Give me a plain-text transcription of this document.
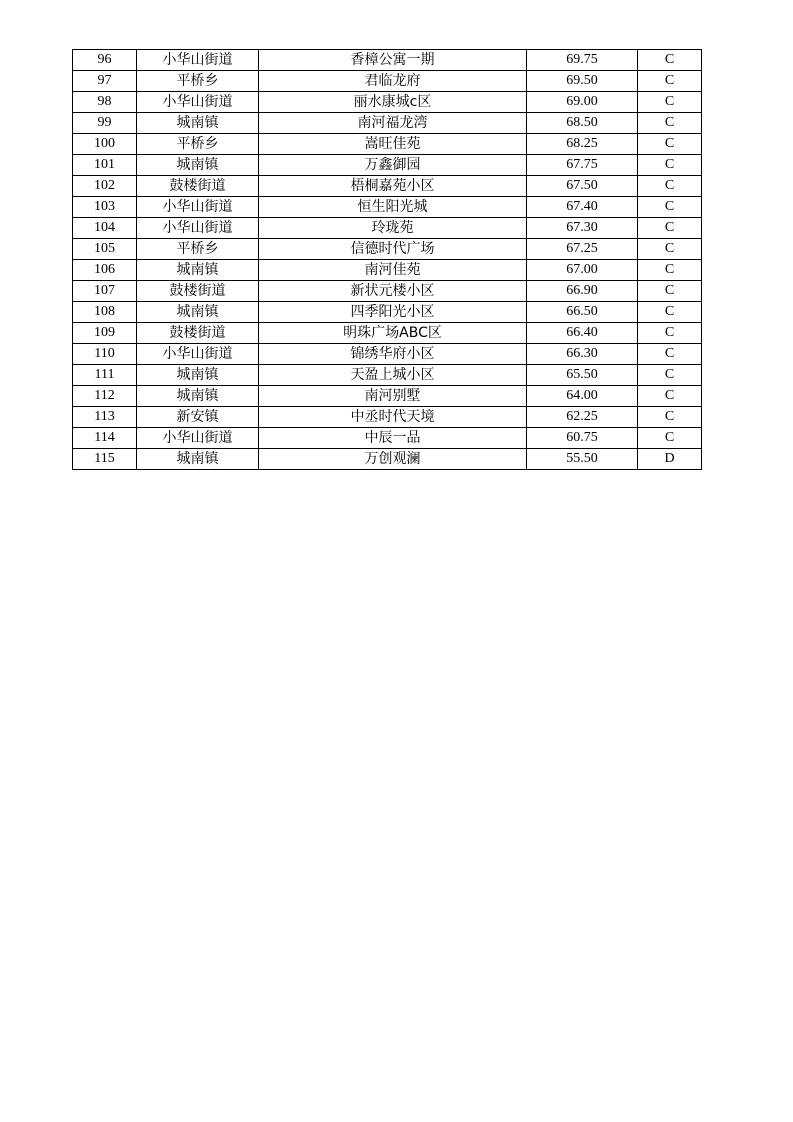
96	小华山街道	香樟公寓一期	69.75	C
97	平桥乡	君临龙府	69.50	C
98	小华山街道	丽水康城c区	69.00	C
99	城南镇	南河福龙湾	68.50	C
100	平桥乡	嵩旺佳苑	68.25	C
101	城南镇	万鑫御园	67.75	C
102	鼓楼街道	梧桐嘉苑小区	67.50	C
103	小华山街道	恒生阳光城	67.40	C
104	小华山街道	玲珑苑	67.30	C
105	平桥乡	信德时代广场	67.25	C
106	城南镇	南河佳苑	67.00	C
107	鼓楼街道	新状元楼小区	66.90	C
108	城南镇	四季阳光小区	66.50	C
109	鼓楼街道	明珠广场ABC区	66.40	C
110	小华山街道	锦绣华府小区	66.30	C
111	城南镇	天盈上城小区	65.50	C
112	城南镇	南河别墅	64.00	C
113	新安镇	中丞时代天境	62.25	C
114	小华山街道	中辰一品	60.75	C
115	城南镇	万创观澜	55.50	D
